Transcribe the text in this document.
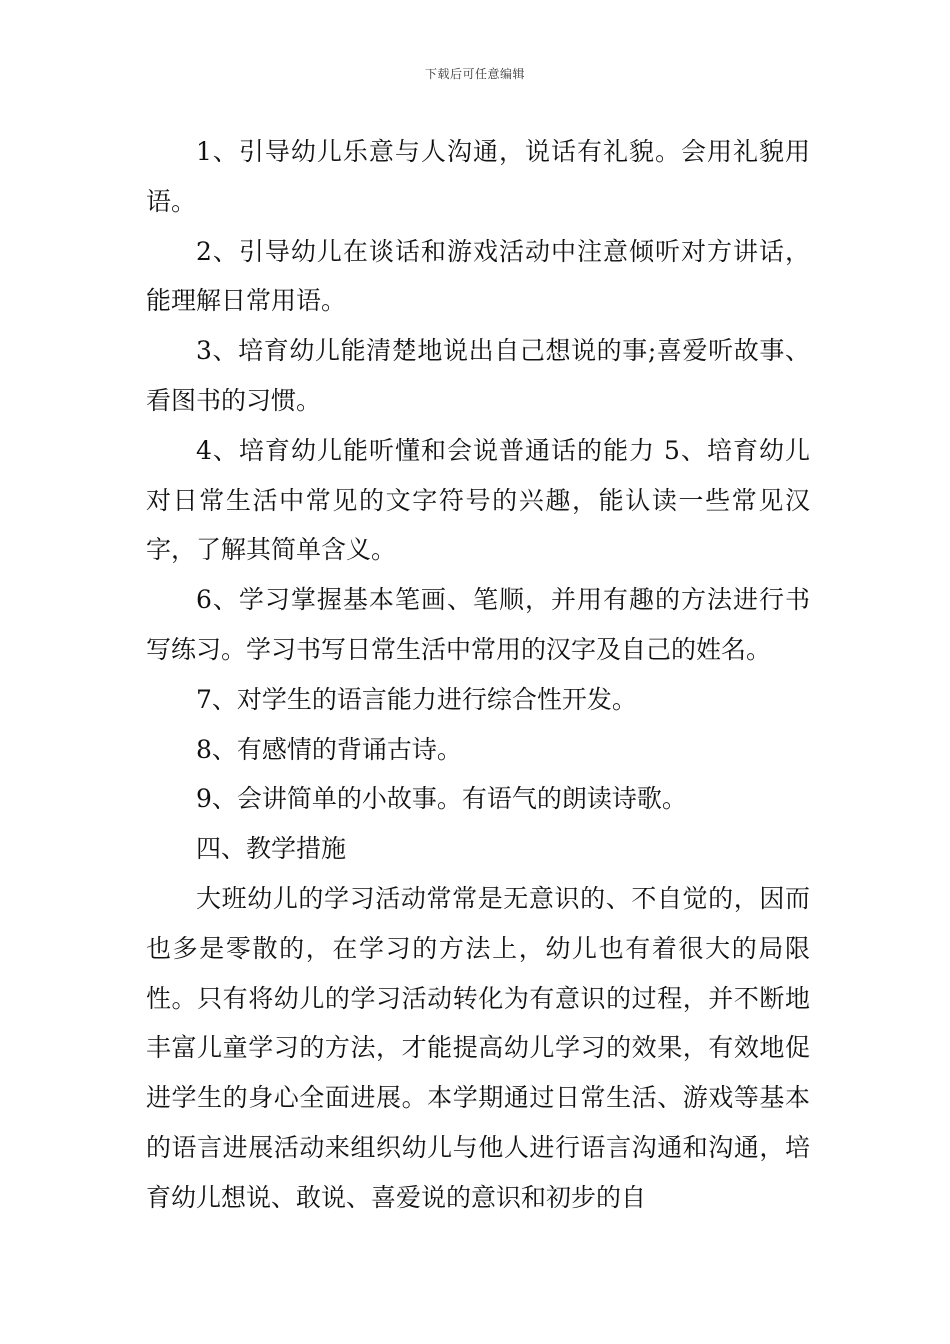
下载后可任意编辑

1、引导幼儿乐意与人沟通，说话有礼貌。会用礼貌用语。

2、引导幼儿在谈话和游戏活动中注意倾听对方讲话，能理解日常用语。

3、培育幼儿能清楚地说出自己想说的事;喜爱听故事、看图书的习惯。

4、培育幼儿能听懂和会说普通话的能力 5、培育幼儿对日常生活中常见的文字符号的兴趣，能认读一些常见汉字，了解其简单含义。

6、学习掌握基本笔画、笔顺，并用有趣的方法进行书写练习。学习书写日常生活中常用的汉字及自己的姓名。

7、对学生的语言能力进行综合性开发。

8、有感情的背诵古诗。

9、会讲简单的小故事。有语气的朗读诗歌。

四、教学措施

大班幼儿的学习活动常常是无意识的、不自觉的，因而也多是零散的，在学习的方法上，幼儿也有着很大的局限性。只有将幼儿的学习活动转化为有意识的过程，并不断地丰富儿童学习的方法，才能提高幼儿学习的效果，有效地促进学生的身心全面进展。本学期通过日常生活、游戏等基本的语言进展活动来组织幼儿与他人进行语言沟通和沟通，培育幼儿想说、敢说、喜爱说的意识和初步的自
